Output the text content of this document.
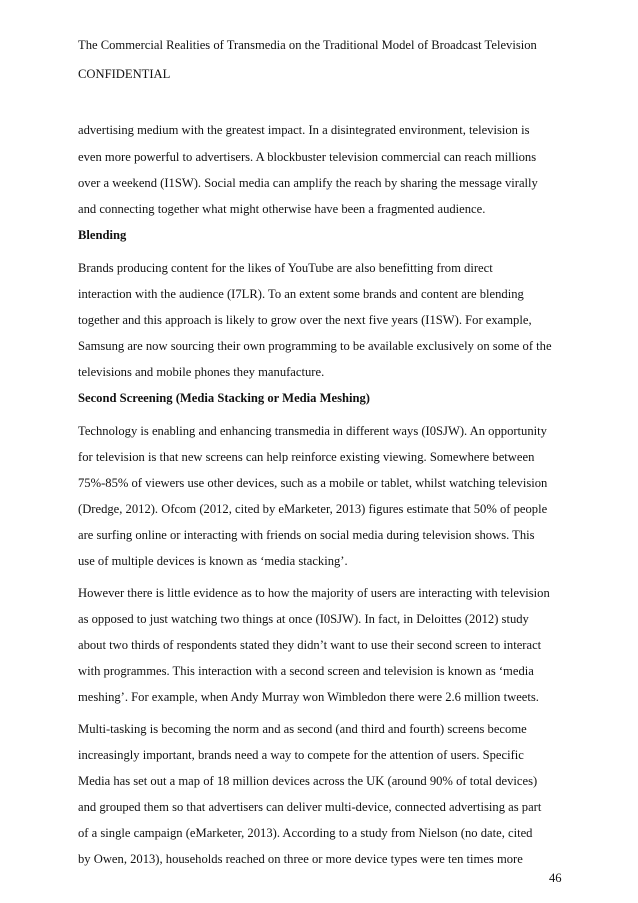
The Commercial Realities of Transmedia on the Traditional Model of Broadcast Television
CONFIDENTIAL
advertising medium with the greatest impact. In a disintegrated environment, television is
even more powerful to advertisers. A blockbuster television commercial can reach millions
over a weekend (I1SW). Social media can amplify the reach by sharing the message virally
and connecting together what might otherwise have been a fragmented audience.
Blending
Brands producing content for the likes of YouTube are also benefitting from direct
interaction with the audience (I7LR). To an extent some brands and content are blending
together and this approach is likely to grow over the next five years (I1SW). For example,
Samsung are now sourcing their own programming to be available exclusively on some of the
televisions and mobile phones they manufacture.
Second Screening (Media Stacking or Media Meshing)
Technology is enabling and enhancing transmedia in different ways (I0SJW). An opportunity
for television is that new screens can help reinforce existing viewing. Somewhere between
75%-85% of viewers use other devices, such as a mobile or tablet, whilst watching television
(Dredge, 2012). Ofcom (2012, cited by eMarketer, 2013) figures estimate that 50% of people
are surfing online or interacting with friends on social media during television shows. This
use of multiple devices is known as ‘media stacking’.
However there is little evidence as to how the majority of users are interacting with television
as opposed to just watching two things at once (I0SJW). In fact, in Deloittes (2012) study
about two thirds of respondents stated they didn’t want to use their second screen to interact
with programmes. This interaction with a second screen and television is known as ‘media
meshing’. For example, when Andy Murray won Wimbledon there were 2.6 million tweets.
Multi-tasking is becoming the norm and as second (and third and fourth) screens become
increasingly important, brands need a way to compete for the attention of users. Specific
Media has set out a map of 18 million devices across the UK (around 90% of total devices)
and grouped them so that advertisers can deliver multi-device, connected advertising as part
of a single campaign (eMarketer, 2013). According to a study from Nielson (no date, cited
by Owen, 2013), households reached on three or more device types were ten times more
46
